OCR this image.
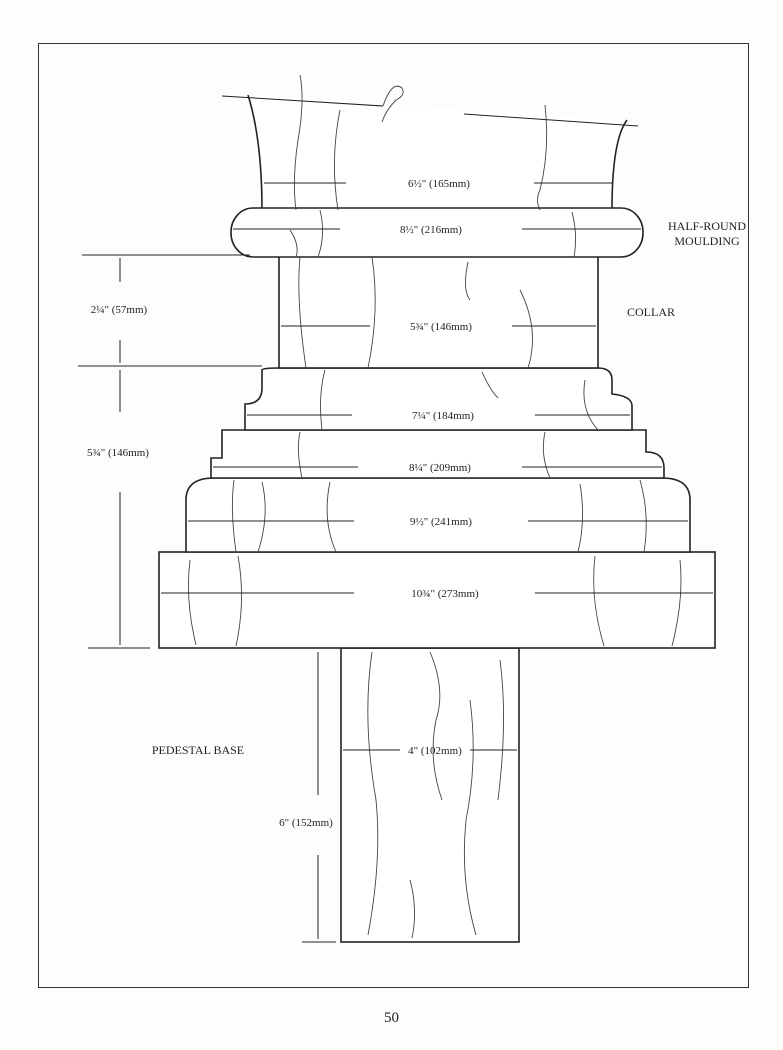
6½" (165mm)
8½" (216mm)
5¾" (146mm)
7¼" (184mm)
8¼" (209mm)
9½" (241mm)
10¾" (273mm)
4" (102mm)
2¼" (57mm)
5¾" (146mm)
6" (152mm)
HALF-ROUND
MOULDING
COLLAR
PEDESTAL BASE
50
